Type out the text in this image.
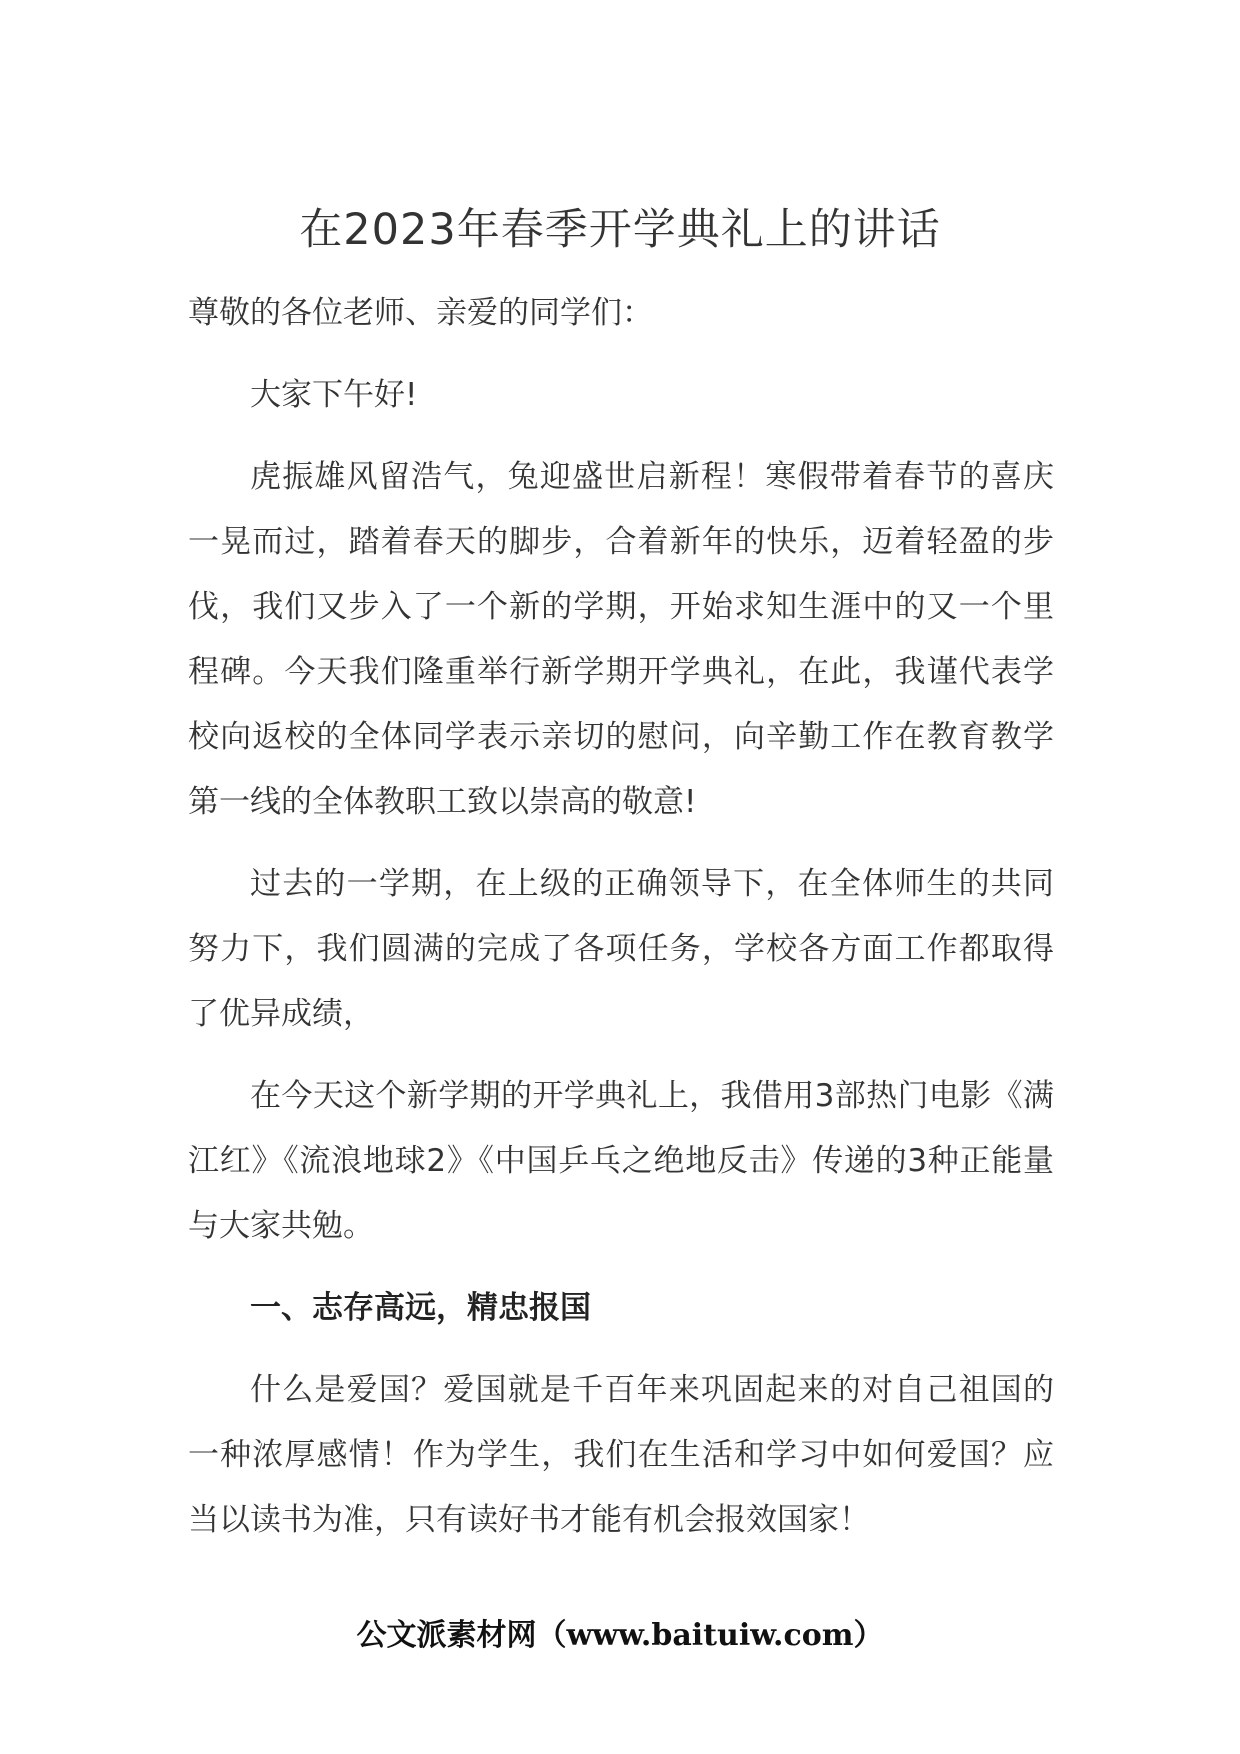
在2023年春季开学典礼上的讲话

尊敬的各位老师、亲爱的同学们：

大家下午好!

虎振雄风留浩气，兔迎盛世启新程！寒假带着春节的喜庆一晃而过，踏着春天的脚步，合着新年的快乐，迈着轻盈的步伐，我们又步入了一个新的学期，开始求知生涯中的又一个里程碑。今天我们隆重举行新学期开学典礼，在此，我谨代表学校向返校的全体同学表示亲切的慰问，向辛勤工作在教育教学第一线的全体教职工致以崇高的敬意!

过去的一学期，在上级的正确领导下，在全体师生的共同努力下，我们圆满的完成了各项任务，学校各方面工作都取得了优异成绩，

在今天这个新学期的开学典礼上，我借用3部热门电影《满江红》《流浪地球2》《中国乒乓之绝地反击》传递的3种正能量与大家共勉。

一、志存高远，精忠报国

什么是爱国？爱国就是千百年来巩固起来的对自己祖国的一种浓厚感情！作为学生，我们在生活和学习中如何爱国？应当以读书为准，只有读好书才能有机会报效国家！

公文派素材网（www.baituiw.com）
